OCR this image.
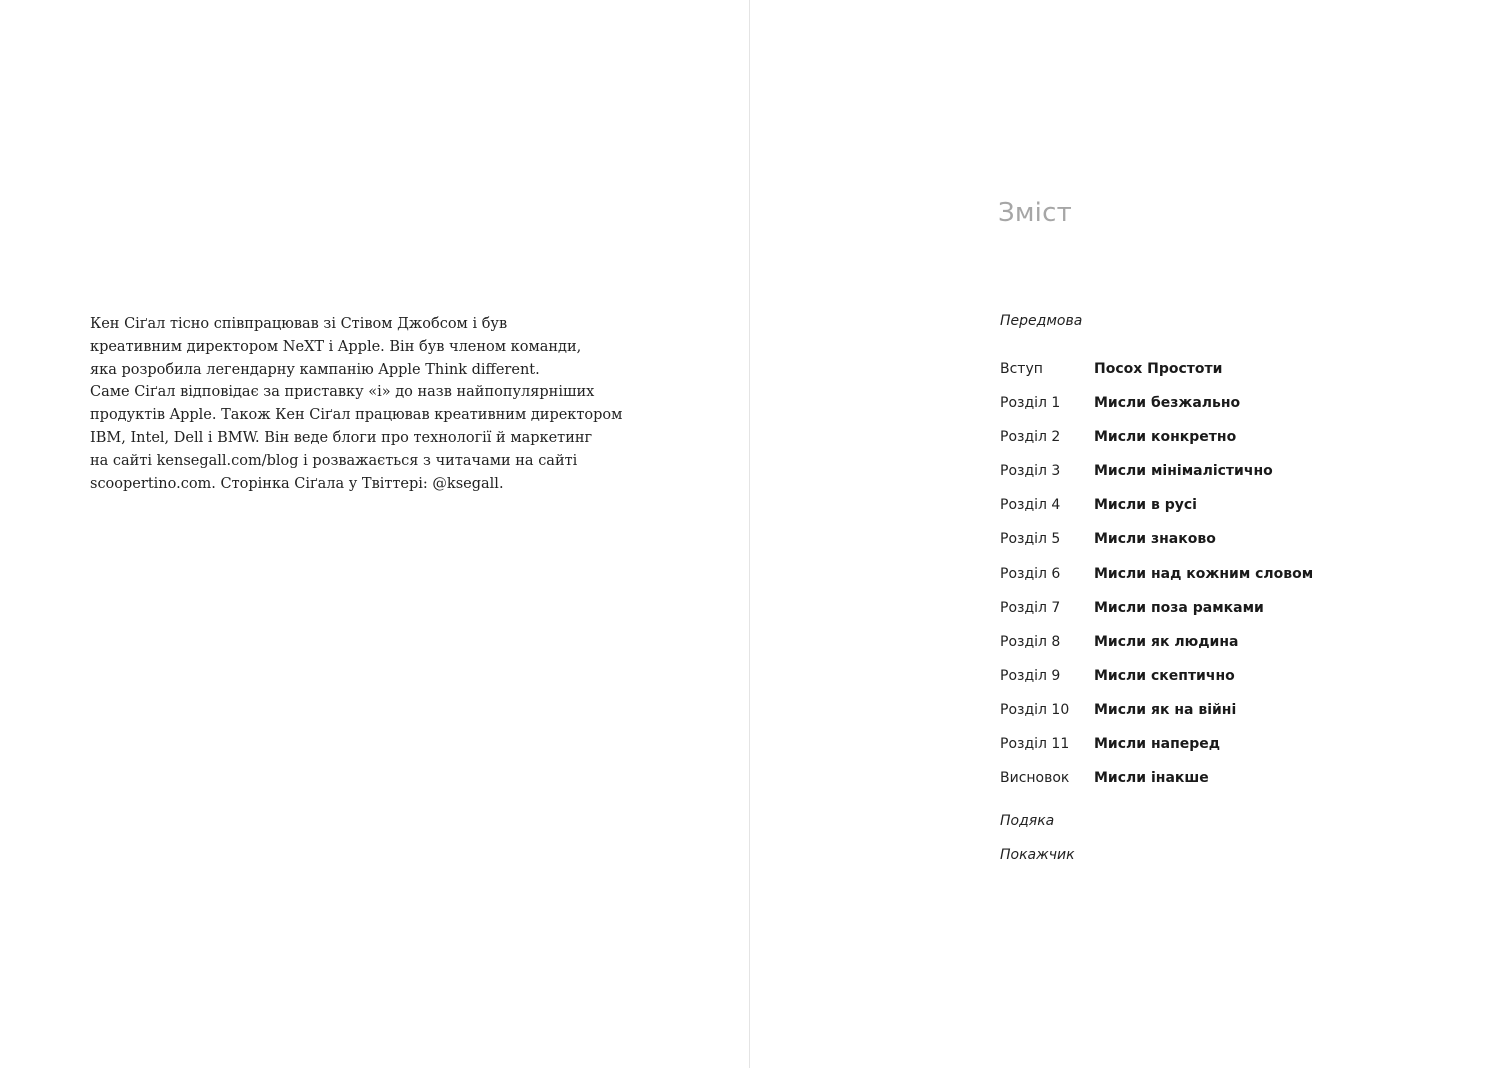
Кен Сіґал тісно співпрацював зі Стівом Джобсом і був
креативним директором NeXT і Apple. Він був членом команди,
яка розробила легендарну кампанію Apple Think different.
Саме Сіґал відповідає за приставку «і» до назв найпопулярніших
продуктів Apple. Також Кен Сіґал працював креативним директором
IBM, Intel, Dell і BMW. Він веде блоги про технології й маркетинг
на сайті kensegall.com/blog і розважається з читачами на сайті
scoopertino.com. Сторінка Сіґала у Твіттері: @ksegall.

Зміст

Передмова

Вступ	Посох Простоти
Розділ 1	Мисли безжально
Розділ 2	Мисли конкретно
Розділ 3	Мисли мінімалістично
Розділ 4	Мисли в русі
Розділ 5	Мисли знаково
Розділ 6	Мисли над кожним словом
Розділ 7	Мисли поза рамками
Розділ 8	Мисли як людина
Розділ 9	Мисли скептично
Розділ 10	Мисли як на війні
Розділ 11	Мисли наперед
Висновок	Мисли інакше

Подяка

Покажчик
